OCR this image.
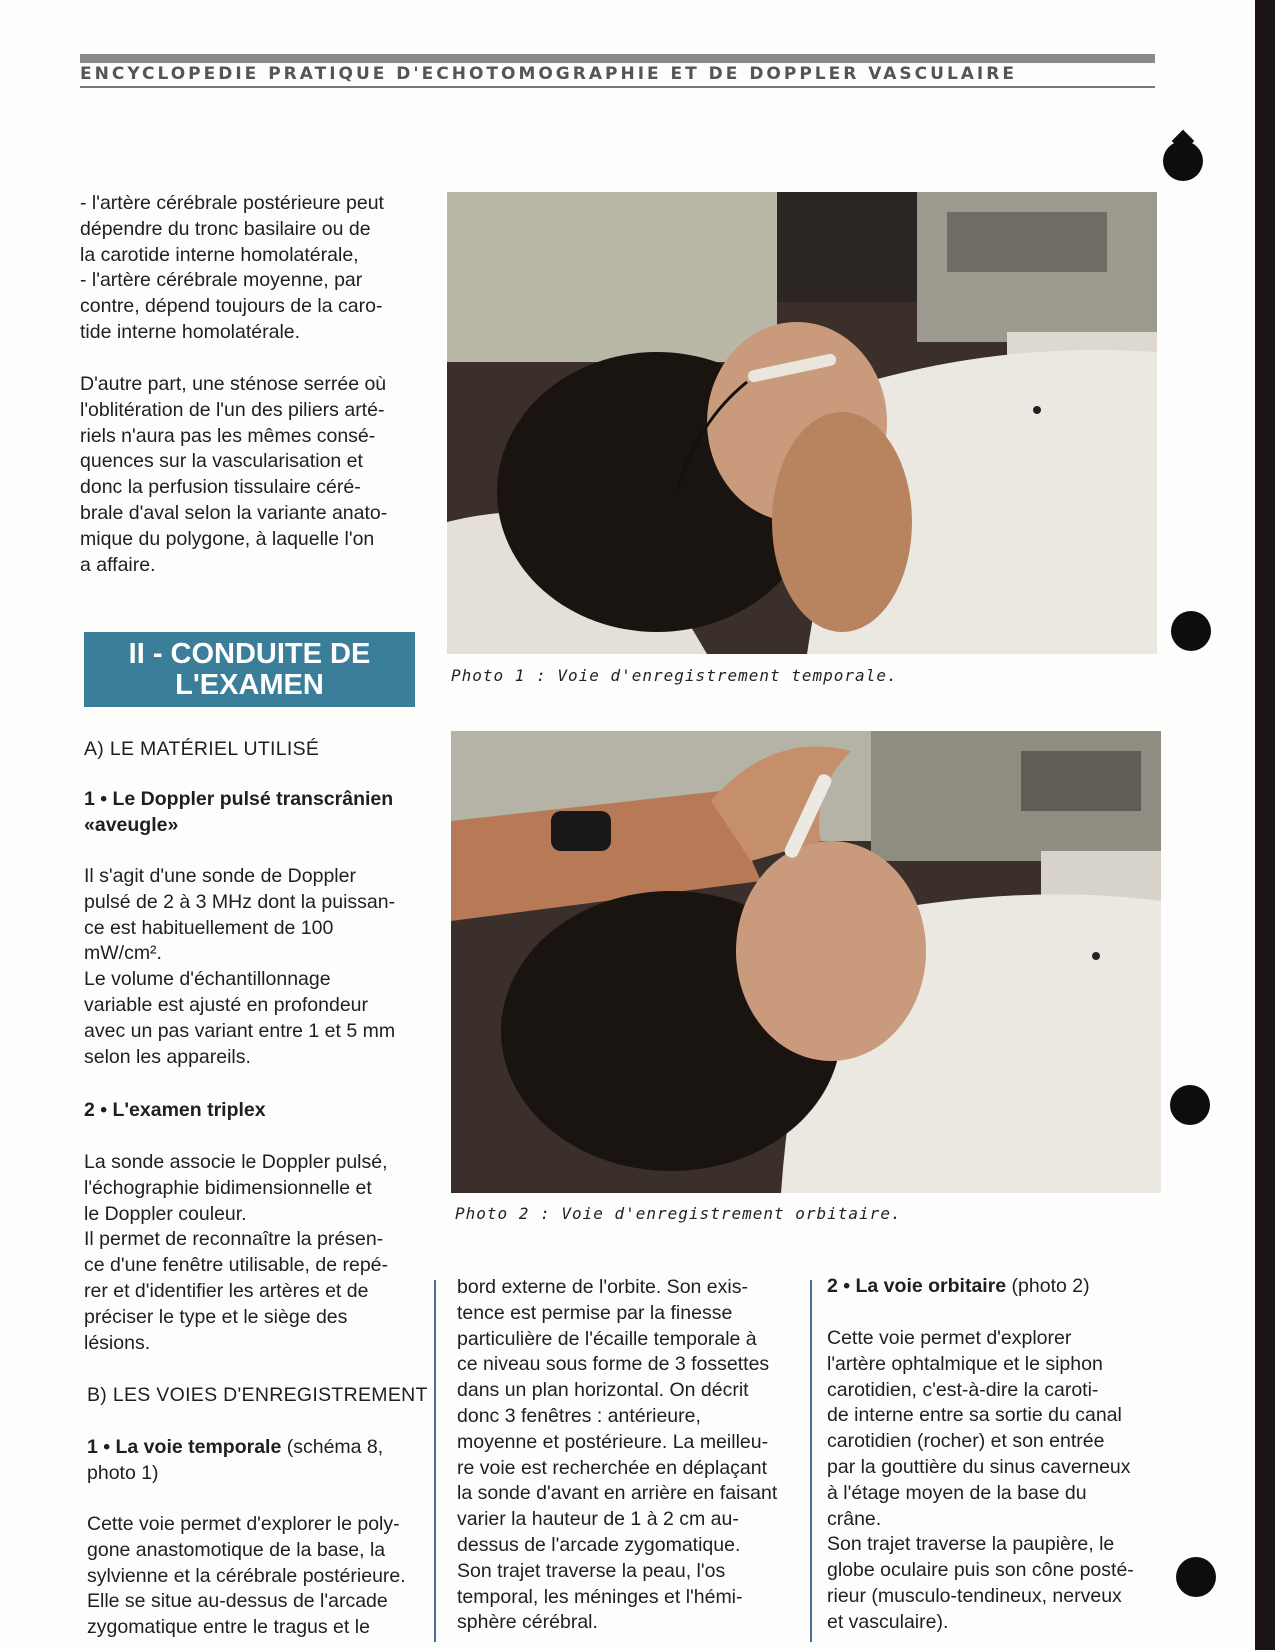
ENCYCLOPEDIE PRATIQUE D'ECHOTOMOGRAPHIE ET DE DOPPLER VASCULAIRE

- l'artère cérébrale postérieure peut

dépendre du tronc basilaire ou de

la carotide interne homolatérale,

- l'artère cérébrale moyenne, par

contre, dépend toujours de la caro-

tide interne homolatérale.

D'autre part, une sténose serrée où

l'oblitération de l'un des piliers arté-

riels n'aura pas les mêmes consé-

quences sur la vascularisation et

donc la perfusion tissulaire céré-

brale d'aval selon la variante anato-

mique du polygone, à laquelle l'on

a affaire.

II - CONDUITE DE
L'EXAMEN
A) LE MATÉRIEL UTILISÉ

1 • Le Doppler pulsé transcrânien

«aveugle»

Il s'agit d'une sonde de Doppler

pulsé de 2 à 3 MHz dont la puissan-

ce est habituellement de 100

mW/cm².

Le volume d'échantillonnage

variable est ajusté en profondeur

avec un pas variant entre 1 et 5 mm

selon les appareils.

2 • L'examen triplex

La sonde associe le Doppler pulsé,

l'échographie bidimensionnelle et

le Doppler couleur.

Il permet de reconnaître la présen-

ce d'une fenêtre utilisable, de repé-

rer et d'identifier les artères et de

préciser le type et le siège des

lésions.

B) LES VOIES D'ENREGISTREMENT

1 • La voie temporale (schéma 8,

photo 1)

Cette voie permet d'explorer le poly-

gone anastomotique de la base, la

sylvienne et la cérébrale postérieure.

Elle se situe au-dessus de l'arcade

zygomatique entre le tragus et le

Photo 1 : Voie d'enregistrement temporale.
Photo 2 : Voie d'enregistrement orbitaire.

bord externe de l'orbite. Son exis-

tence est permise par la finesse

particulière de l'écaille temporale à

ce niveau sous forme de 3 fossettes

dans un plan horizontal. On décrit

donc 3 fenêtres : antérieure,

moyenne et postérieure. La meilleu-

re voie est recherchée en déplaçant

la sonde d'avant en arrière en faisant

varier la hauteur de 1 à 2 cm au-

dessus de l'arcade zygomatique.

Son trajet traverse la peau, l'os

temporal, les méninges et l'hémi-

sphère cérébral.

2 • La voie orbitaire (photo 2)

Cette voie permet d'explorer

l'artère ophtalmique et le siphon

carotidien, c'est-à-dire la caroti-

de interne entre sa sortie du canal

carotidien (rocher) et son entrée

par la gouttière du sinus caverneux

à l'étage moyen de la base du

crâne.

Son trajet traverse la paupière, le

globe oculaire puis son cône posté-

rieur (musculo-tendineux, nerveux

et vasculaire).
